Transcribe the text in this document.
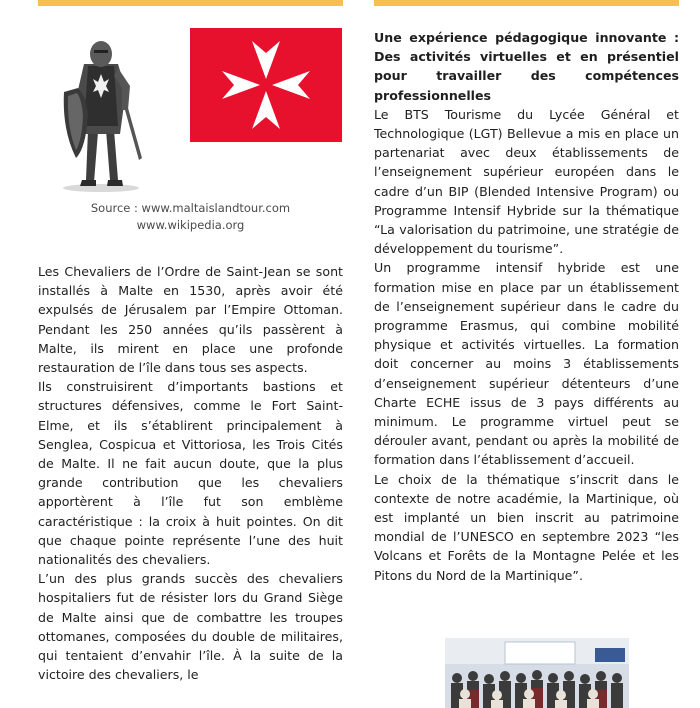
Source : www.maltaislandtour.com
www.wikipedia.org

Les Chevaliers de l’Ordre de Saint-Jean se sont installés à Malte en 1530, après avoir été expulsés de Jérusalem par l’Empire Ottoman. Pendant les 250 années qu’ils passèrent à Malte, ils mirent en place une profonde restauration de l’île dans tous ses aspects.

Ils construisirent d’importants bastions et structures défensives, comme le Fort Saint-Elme, et ils s’établirent principalement à Senglea, Cospicua et Vittoriosa, les Trois Cités de Malte. Il ne fait aucun doute, que la plus grande contribution que les chevaliers apportèrent à l’île fut son emblème caractéristique : la croix à huit pointes. On dit que chaque pointe représente l’une des huit nationalités des chevaliers.

L’un des plus grands succès des chevaliers hospitaliers fut de résister lors du Grand Siège de Malte ainsi que de combattre les troupes ottomanes, composées du double de militaires, qui tentaient d’envahir l’île. À la suite de la victoire des chevaliers, le

Une expérience pédagogique innovante : Des activités virtuelles et en présentiel pour travailler des compétences professionnelles

Le BTS Tourisme du Lycée Général et Technologique (LGT) Bellevue a mis en place un partenariat avec deux établissements de l’enseignement supérieur européen dans le cadre d’un BIP (Blended Intensive Program) ou Programme Intensif Hybride sur la thématique “La valorisation du patrimoine, une stratégie de développement du tourisme”.

Un programme intensif hybride est une formation mise en place par un établissement de l’enseignement supérieur dans le cadre du programme Erasmus, qui combine mobilité physique et activités virtuelles. La formation doit concerner au moins 3 établissements d’enseignement supérieur détenteurs d’une Charte ECHE issus de 3 pays différents au minimum. Le programme virtuel peut se dérouler avant, pendant ou après la mobilité de formation dans l’établissement d’accueil.

Le choix de la thématique s’inscrit dans le contexte de notre académie, la Martinique, où est implanté un bien inscrit au patrimoine mondial de l’UNESCO en septembre 2023 “les Volcans et Forêts de la Montagne Pelée et les Pitons du Nord de la Martinique”.
